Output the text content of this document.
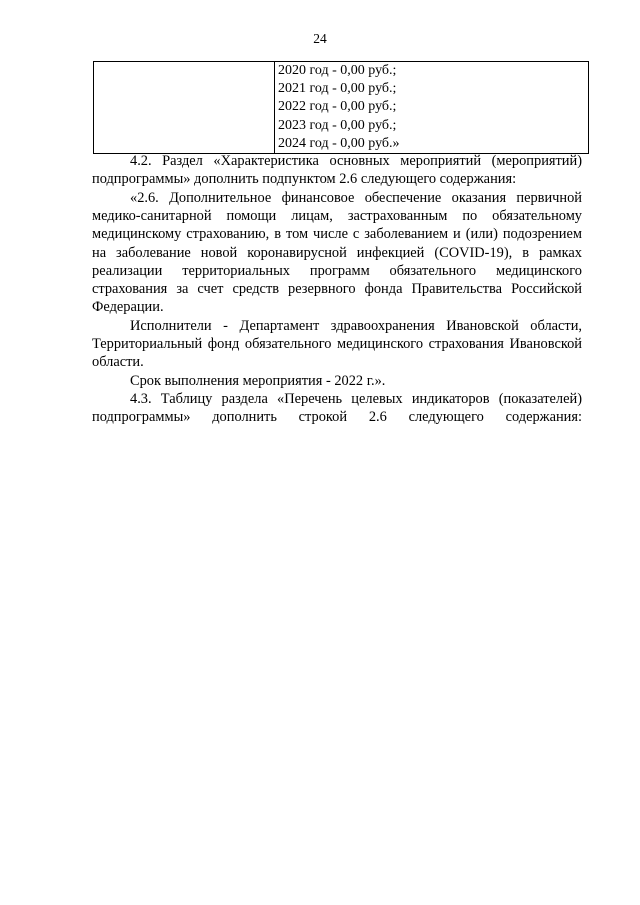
24

2020 год - 0,00 руб.;
2021 год - 0,00 руб.;
2022 год - 0,00 руб.;
2023 год - 0,00 руб.;
2024 год - 0,00 руб.»

4.2. Раздел «Характеристика основных мероприятий (мероприятий) подпрограммы» дополнить подпунктом 2.6 следующего содержания:

«2.6. Дополнительное финансовое обеспечение оказания первичной медико-санитарной помощи лицам, застрахованным по обязательному медицинскому страхованию, в том числе с заболеванием и (или) подозрением на заболевание новой коронавирусной инфекцией (COVID-19), в рамках реализации территориальных программ обязательного медицинского страхования за счет средств резервного фонда Правительства Российской Федерации.

Исполнители - Департамент здравоохранения Ивановской области, Территориальный фонд обязательного медицинского страхования Ивановской области.

Срок выполнения мероприятия - 2022 г.».

4.3. Таблицу раздела «Перечень целевых индикаторов (показателей) подпрограммы» дополнить строкой 2.6 следующего содержания:
